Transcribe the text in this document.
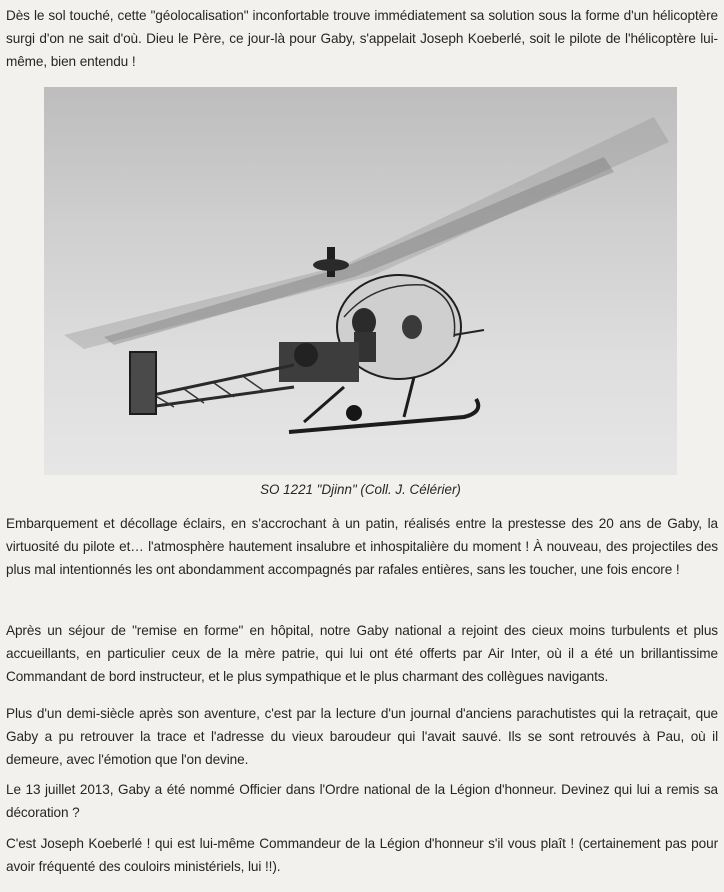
Dès le sol touché, cette "géolocalisation" inconfortable trouve immédiatement sa solution sous la forme d'un hélicoptère surgi d'on ne sait d'où. Dieu le Père, ce jour-là pour Gaby, s'appelait Joseph Koeberlé, soit le pilote de l'hélicoptère lui-même, bien entendu !

SO 1221 "Djinn" (Coll. J. Célérier)

Embarquement et décollage éclairs, en s'accrochant à un patin, réalisés entre la prestesse des 20 ans de Gaby, la virtuosité du pilote et… l'atmosphère hautement insalubre et inhospitalière du moment ! À nouveau, des projectiles des plus mal intentionnés les ont abondamment accompagnés par rafales entières, sans les toucher, une fois encore !

Après un séjour de "remise en forme" en hôpital, notre Gaby national a rejoint des cieux moins turbulents et plus accueillants, en particulier ceux de la mère patrie, qui lui ont été offerts par Air Inter, où il a été un brillantissime Commandant de bord instructeur, et le plus sympathique et le plus charmant des collègues navigants.

Plus d'un demi-siècle après son aventure, c'est par la lecture d'un journal d'anciens parachutistes qui la retraçait, que Gaby a pu retrouver la trace et l'adresse du vieux baroudeur qui l'avait sauvé. Ils se sont retrouvés à Pau, où il demeure, avec l'émotion que l'on devine.

Le 13 juillet 2013, Gaby a été nommé Officier dans l'Ordre national de la Légion d'honneur. Devinez qui lui a remis sa décoration ?

C'est Joseph Koeberlé ! qui est lui-même Commandeur de la Légion d'honneur s'il vous plaît ! (certainement pas pour avoir fréquenté des couloirs ministériels, lui !!).
